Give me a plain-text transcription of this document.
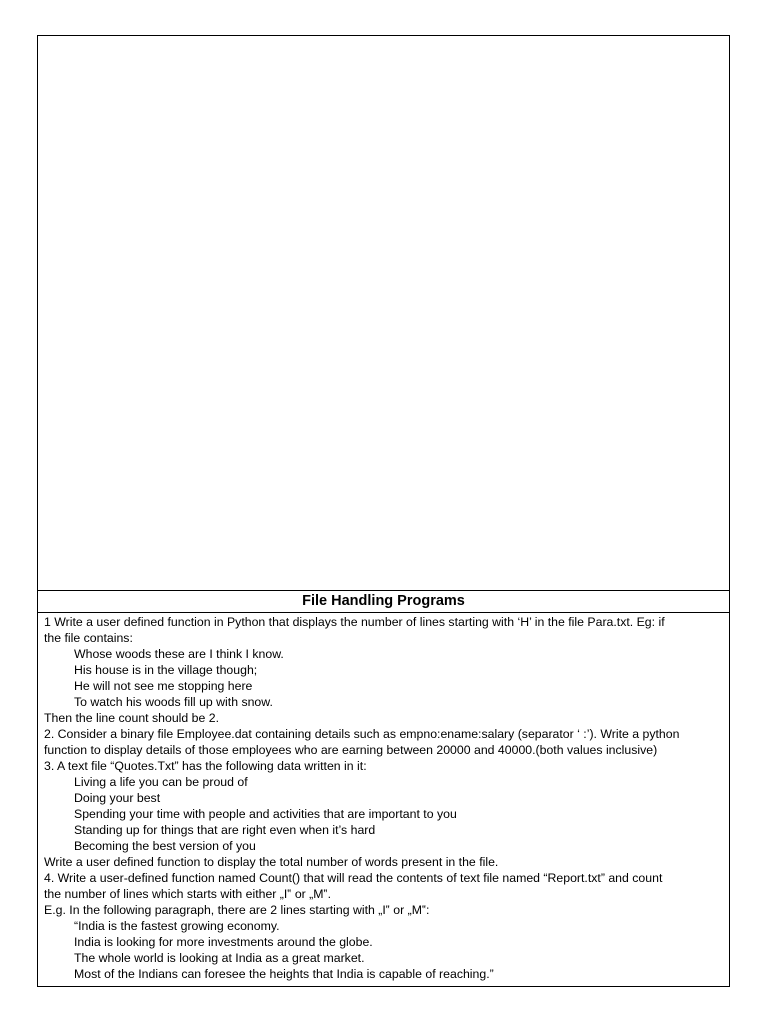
File Handling Programs
1 Write a user defined function in Python that displays the number of lines starting with ‘H’ in the file Para.txt. Eg: if
the file contains:
Whose woods these are I think I know.
His house is in the village though;
He will not see me stopping here
To watch his woods fill up with snow.
Then the line count should be 2.
2. Consider a binary file Employee.dat containing details such as empno:ename:salary (separator ‘ :’). Write a python
function to display details of those employees who are earning between 20000 and 40000.(both values inclusive)
3. A text file “Quotes.Txt” has the following data written in it:
Living a life you can be proud of
Doing your best
Spending your time with people and activities that are important to you
Standing up for things that are right even when it’s hard
Becoming the best version of you
Write a user defined function to display the total number of words present in the file.
4. Write a user-defined function named Count() that will read the contents of text file named “Report.txt” and count
the number of lines which starts with either „I‟ or „M‟.
E.g. In the following paragraph, there are 2 lines starting with „I‟ or „M‟:
“India is the fastest growing economy.
India is looking for more investments around the globe.
The whole world is looking at India as a great market.
Most of the Indians can foresee the heights that India is capable of reaching.”
